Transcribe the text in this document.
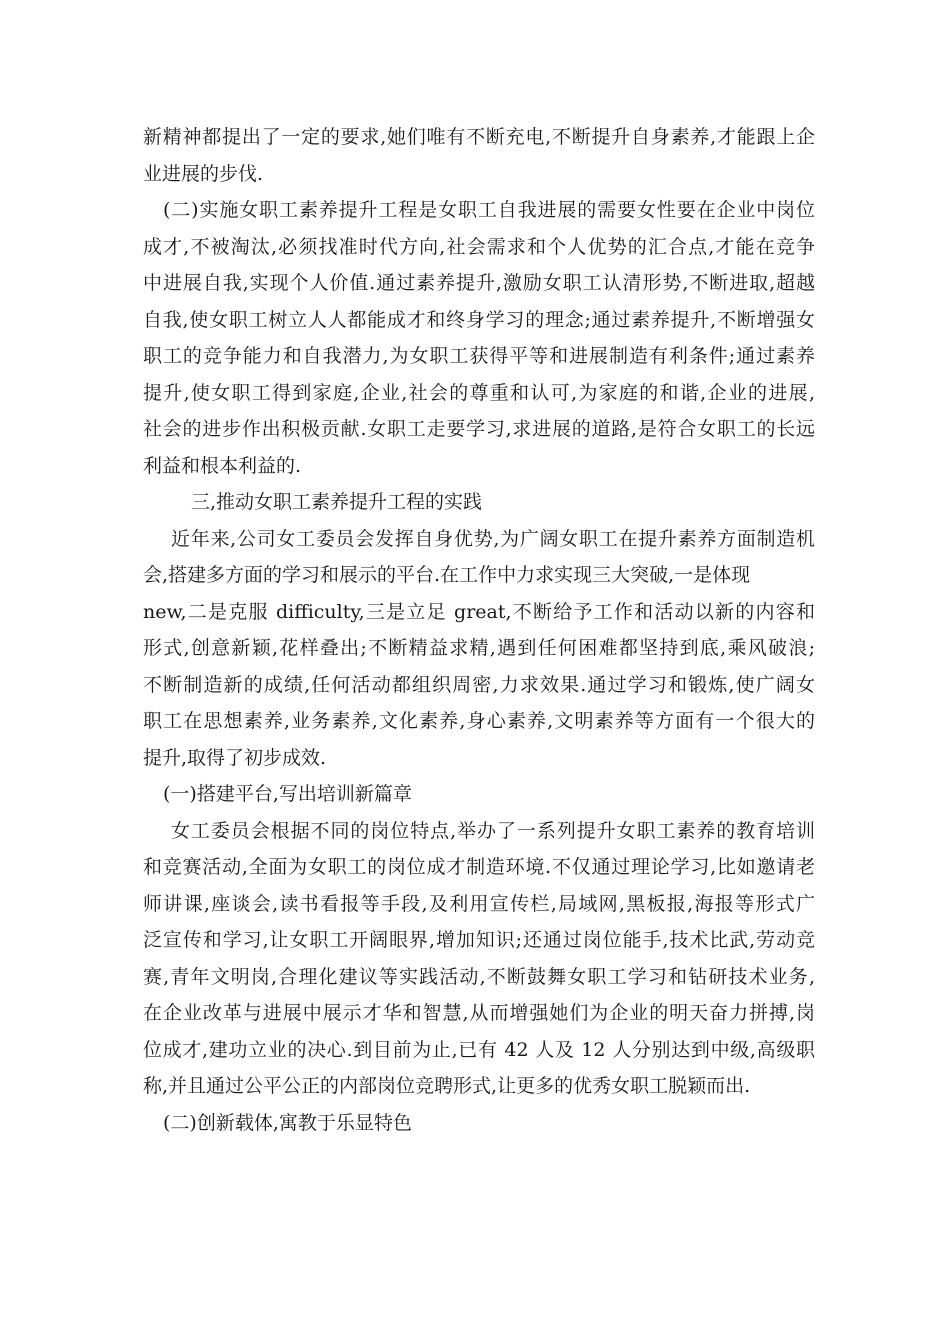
新精神都提出了一定的要求,她们唯有不断充电,不断提升自身素养,才能跟上企
业进展的步伐.
(二)实施女职工素养提升工程是女职工自我进展的需要女性要在企业中岗位
成才,不被淘汰,必须找准时代方向,社会需求和个人优势的汇合点,才能在竞争
中进展自我,实现个人价值.通过素养提升,激励女职工认清形势,不断进取,超越
自我,使女职工树立人人都能成才和终身学习的理念;通过素养提升,不断增强女
职工的竞争能力和自我潜力,为女职工获得平等和进展制造有利条件;通过素养
提升,使女职工得到家庭,企业,社会的尊重和认可,为家庭的和谐,企业的进展,
社会的进步作出积极贡献.女职工走要学习,求进展的道路,是符合女职工的长远
利益和根本利益的.
三,推动女职工素养提升工程的实践
近年来,公司女工委员会发挥自身优势,为广阔女职工在提升素养方面制造机
会,搭建多方面的学习和展示的平台.在工作中力求实现三大突破,一是体现
new,二是克服 difficulty,三是立足 great,不断给予工作和活动以新的内容和
形式,创意新颖,花样叠出;不断精益求精,遇到任何困难都坚持到底,乘风破浪;
不断制造新的成绩,任何活动都组织周密,力求效果.通过学习和锻炼,使广阔女
职工在思想素养,业务素养,文化素养,身心素养,文明素养等方面有一个很大的
提升,取得了初步成效.
(一)搭建平台,写出培训新篇章
女工委员会根据不同的岗位特点,举办了一系列提升女职工素养的教育培训
和竞赛活动,全面为女职工的岗位成才制造环境.不仅通过理论学习,比如邀请老
师讲课,座谈会,读书看报等手段,及利用宣传栏,局域网,黑板报,海报等形式广
泛宣传和学习,让女职工开阔眼界,增加知识;还通过岗位能手,技术比武,劳动竞
赛,青年文明岗,合理化建议等实践活动,不断鼓舞女职工学习和钻研技术业务,
在企业改革与进展中展示才华和智慧,从而增强她们为企业的明天奋力拼搏,岗
位成才,建功立业的决心.到目前为止,已有 42 人及 12 人分别达到中级,高级职
称,并且通过公平公正的内部岗位竞聘形式,让更多的优秀女职工脱颖而出.
(二)创新载体,寓教于乐显特色
